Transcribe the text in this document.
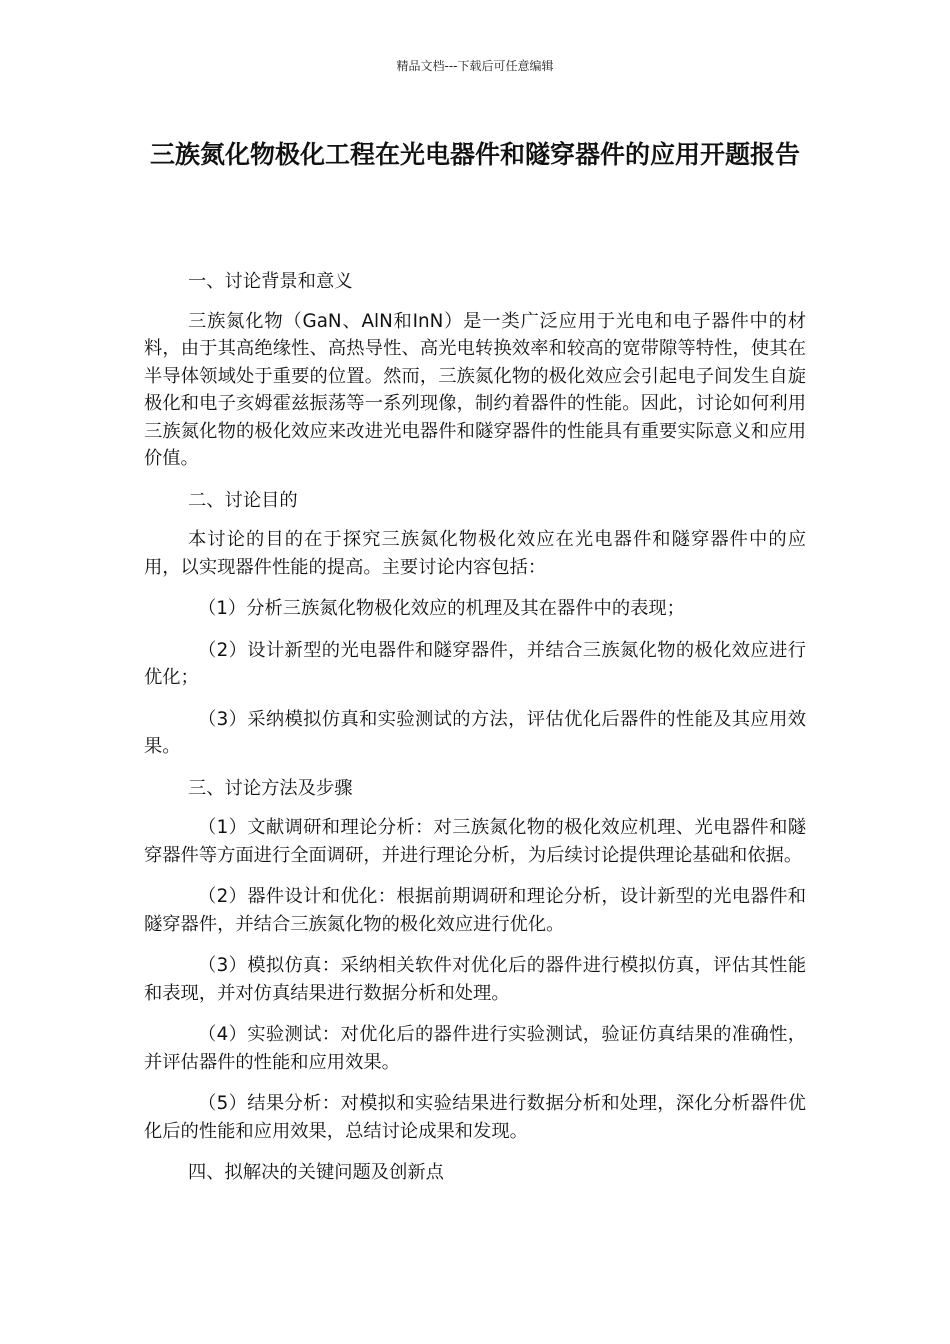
精品文档---下载后可任意编辑
三族氮化物极化工程在光电器件和隧穿器件的应用开题报告

一、讨论背景和意义

三族氮化物（GaN、AlN和InN）是一类广泛应用于光电和电子器件中的材料，由于其高绝缘性、高热导性、高光电转换效率和较高的宽带隙等特性，使其在半导体领域处于重要的位置。然而，三族氮化物的极化效应会引起电子间发生自旋极化和电子亥姆霍兹振荡等一系列现像，制约着器件的性能。因此，讨论如何利用三族氮化物的极化效应来改进光电器件和隧穿器件的性能具有重要实际意义和应用价值。

二、讨论目的

本讨论的目的在于探究三族氮化物极化效应在光电器件和隧穿器件中的应用，以实现器件性能的提高。主要讨论内容包括：

（1）分析三族氮化物极化效应的机理及其在器件中的表现；

（2）设计新型的光电器件和隧穿器件，并结合三族氮化物的极化效应进行优化；

（3）采纳模拟仿真和实验测试的方法，评估优化后器件的性能及其应用效果。

三、讨论方法及步骤

（1）文献调研和理论分析：对三族氮化物的极化效应机理、光电器件和隧穿器件等方面进行全面调研，并进行理论分析，为后续讨论提供理论基础和依据。

（2）器件设计和优化：根据前期调研和理论分析，设计新型的光电器件和隧穿器件，并结合三族氮化物的极化效应进行优化。

（3）模拟仿真：采纳相关软件对优化后的器件进行模拟仿真，评估其性能和表现，并对仿真结果进行数据分析和处理。

（4）实验测试：对优化后的器件进行实验测试，验证仿真结果的准确性，并评估器件的性能和应用效果。

（5）结果分析：对模拟和实验结果进行数据分析和处理，深化分析器件优化后的性能和应用效果，总结讨论成果和发现。

四、拟解决的关键问题及创新点
